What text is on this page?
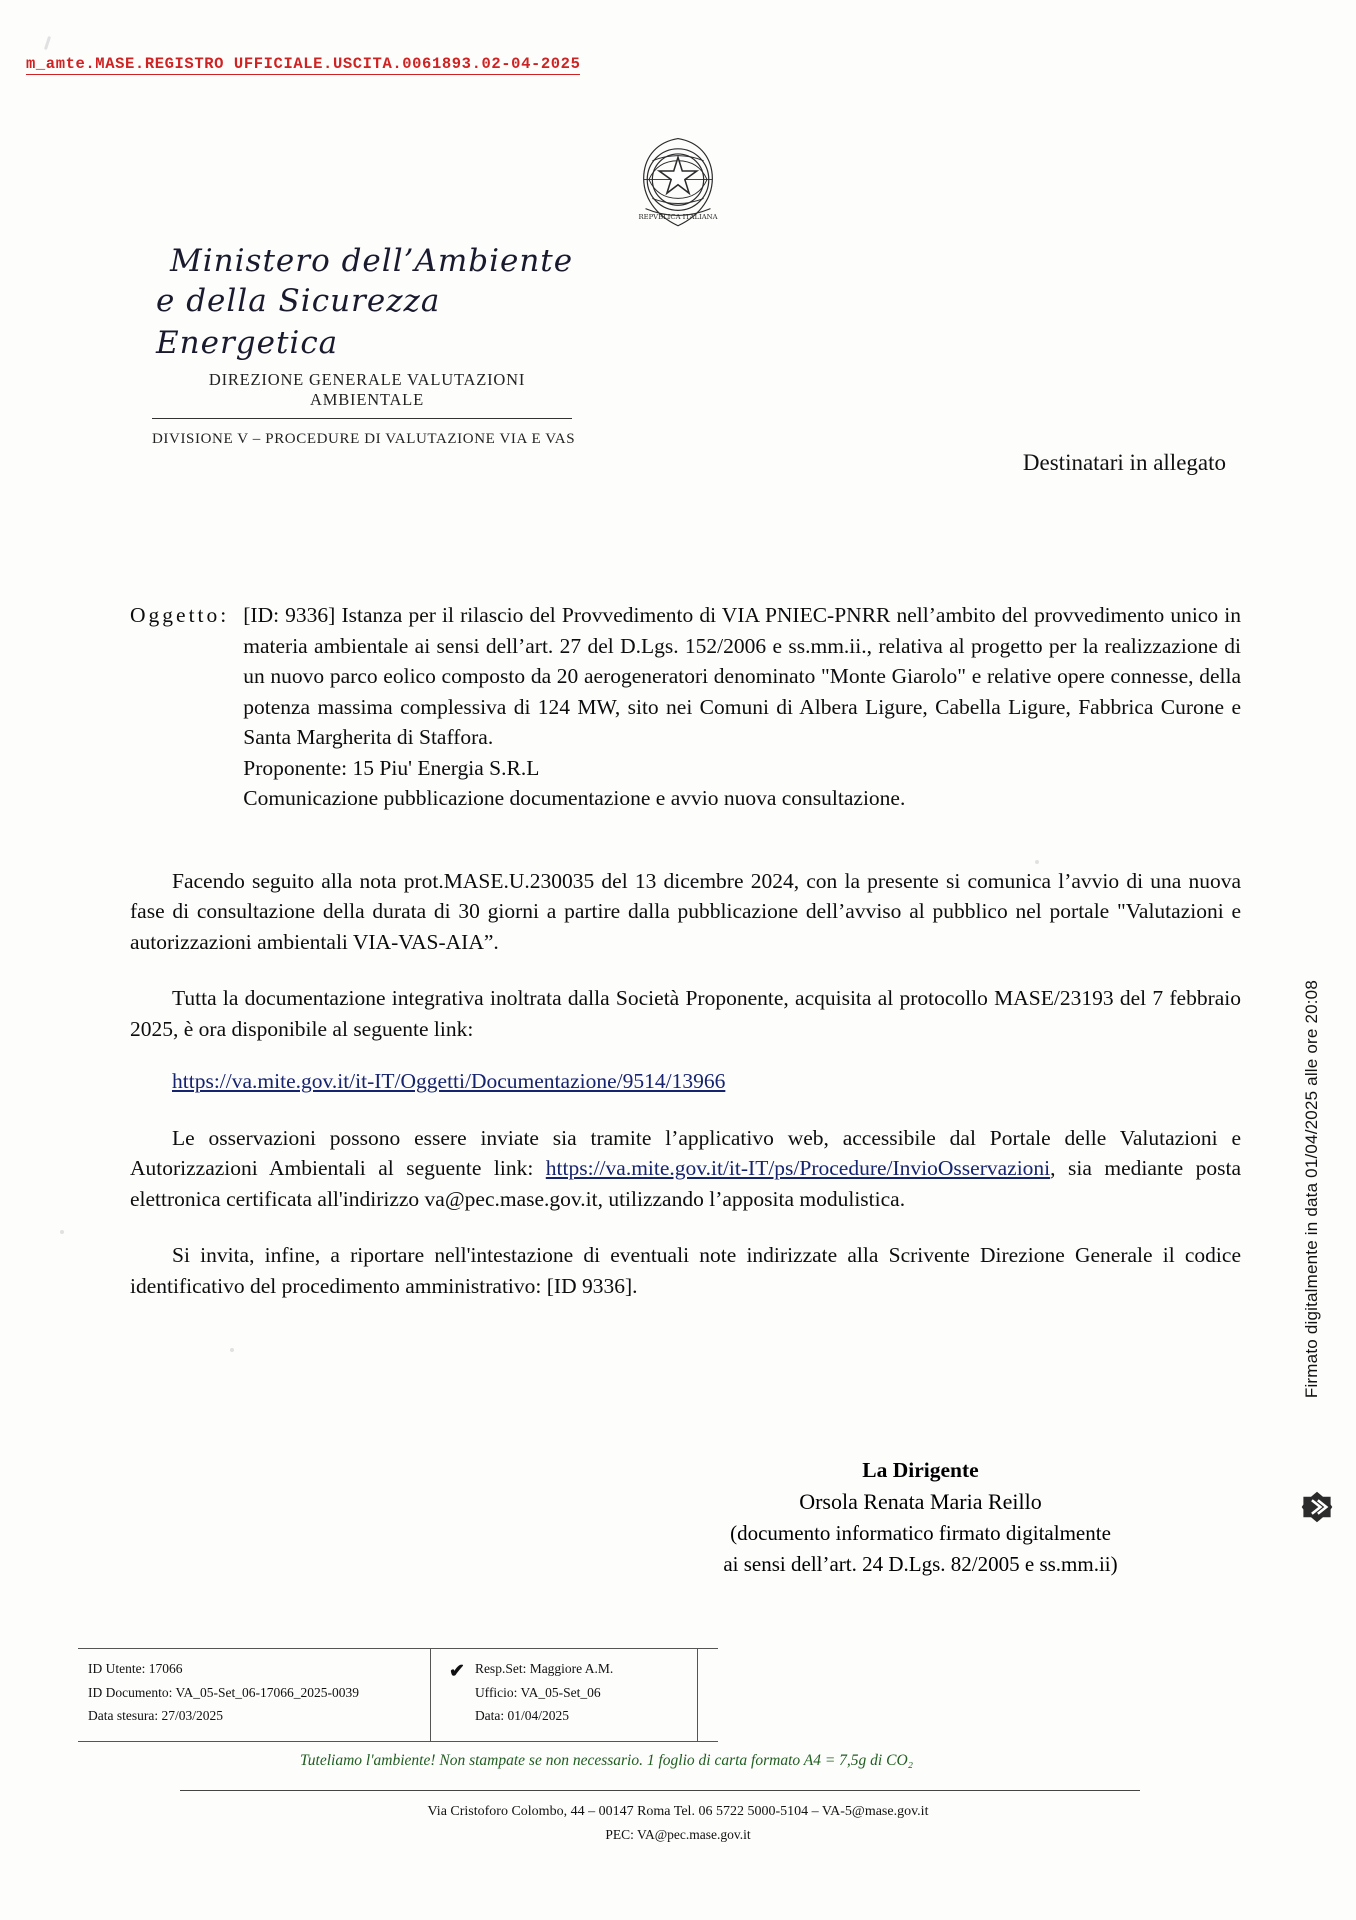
m_amte.MASE.REGISTRO UFFICIALE.USCITA.0061893.02-04-2025
Firmato digitalmente in data 01/04/2025 alle ore 20:08
REPVBLICA ITALIANA
Ministero dell’Ambiente
e della Sicurezza Energetica
DIREZIONE GENERALE VALUTAZIONI AMBIENTALE
DIVISIONE V – PROCEDURE DI VALUTAZIONE VIA E VAS
Destinatari in allegato
Oggetto: [ID: 9336] Istanza per il rilascio del Provvedimento di VIA PNIEC-PNRR nell’ambito del provvedimento unico in materia ambientale ai sensi dell’art. 27 del D.Lgs. 152/2006 e ss.mm.ii., relativa al progetto per la realizzazione di un nuovo parco eolico composto da 20 aerogeneratori denominato "Monte Giarolo" e relative opere connesse, della potenza massima complessiva di 124 MW, sito nei Comuni di Albera Ligure, Cabella Ligure, Fabbrica Curone e Santa Margherita di Staffora.
Proponente: 15 Piu' Energia S.R.L
Comunicazione pubblicazione documentazione e avvio nuova consultazione.
Facendo seguito alla nota prot.MASE.U.230035 del 13 dicembre 2024, con la presente si comunica l’avvio di una nuova fase di consultazione della durata di 30 giorni a partire dalla pubblicazione dell’avviso al pubblico nel portale "Valutazioni e autorizzazioni ambientali VIA-VAS-AIA”.
Tutta la documentazione integrativa inoltrata dalla Società Proponente, acquisita al protocollo MASE/23193 del 7 febbraio 2025, è ora disponibile al seguente link:
https://va.mite.gov.it/it-IT/Oggetti/Documentazione/9514/13966
Le osservazioni possono essere inviate sia tramite l’applicativo web, accessibile dal Portale delle Valutazioni e Autorizzazioni Ambientali al seguente link: https://va.mite.gov.it/it-IT/ps/Procedure/InvioOsservazioni, sia mediante posta elettronica certificata all'indirizzo va@pec.mase.gov.it, utilizzando l’apposita modulistica.
Si invita, infine, a riportare nell'intestazione di eventuali note indirizzate alla Scrivente Direzione Generale il codice identificativo del procedimento amministrativo: [ID 9336].
La Dirigente
Orsola Renata Maria Reillo
(documento informatico firmato digitalmente
ai sensi dell’art. 24 D.Lgs. 82/2005 e ss.mm.ii)
ID Utente: 17066
ID Documento: VA_05-Set_06-17066_2025-0039
Data stesura: 27/03/2025
✔ Resp.Set: Maggiore A.M.
Ufficio: VA_05-Set_06
Data: 01/04/2025
Tuteliamo l'ambiente! Non stampate se non necessario. 1 foglio di carta formato A4 = 7,5g di CO₂
Via Cristoforo Colombo, 44 – 00147 Roma Tel. 06 5722 5000-5104 – VA-5@mase.gov.it
PEC: VA@pec.mase.gov.it
